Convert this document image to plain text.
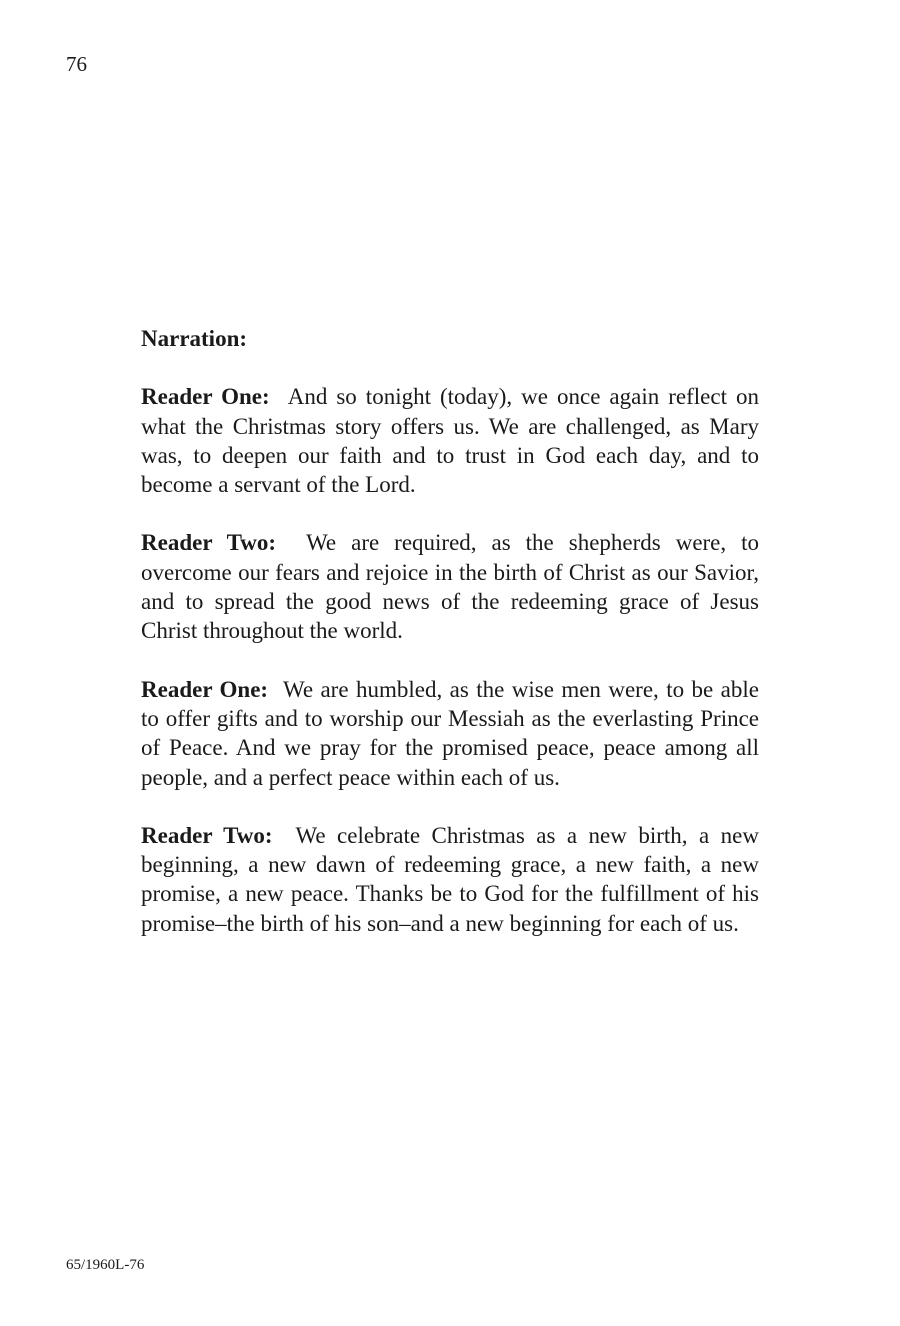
76
Narration:

Reader One: And so tonight (today), we once again reflect on what the Christmas story offers us. We are challenged, as Mary was, to deepen our faith and to trust in God each day, and to become a servant of the Lord.

Reader Two: We are required, as the shepherds were, to overcome our fears and rejoice in the birth of Christ as our Savior, and to spread the good news of the redeeming grace of Jesus Christ throughout the world.

Reader One: We are humbled, as the wise men were, to be able to offer gifts and to worship our Messiah as the everlasting Prince of Peace. And we pray for the promised peace, peace among all people, and a perfect peace within each of us.

Reader Two: We celebrate Christmas as a new birth, a new beginning, a new dawn of redeeming grace, a new faith, a new promise, a new peace. Thanks be to God for the fulfillment of his promise–the birth of his son–and a new beginning for each of us.

65/1960L-76
